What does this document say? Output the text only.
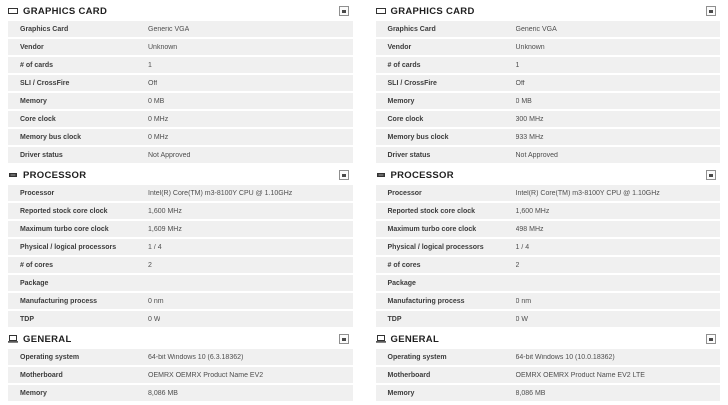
GRAPHICS CARD
Graphics Card	Generic VGA
Vendor	Unknown
# of cards	1
SLI / CrossFire	Off
Memory	0 MB
Core clock	0 MHz
Memory bus clock	0 MHz
Driver status	Not Approved
PROCESSOR
Processor	Intel(R) Core(TM) m3-8100Y CPU @ 1.10GHz
Reported stock core clock	1,600 MHz
Maximum turbo core clock	1,609 MHz
Physical / logical processors	1 / 4
# of cores	2
Package
Manufacturing process	0 nm
TDP	0 W
GENERAL
Operating system	64-bit Windows 10 (6.3.18362)
Motherboard	OEMRX OEMRX Product Name EV2
Memory	8,086 MB
GRAPHICS CARD
Graphics Card	Generic VGA
Vendor	Unknown
# of cards	1
SLI / CrossFire	Off
Memory	0 MB
Core clock	300 MHz
Memory bus clock	933 MHz
Driver status	Not Approved
PROCESSOR
Processor	Intel(R) Core(TM) m3-8100Y CPU @ 1.10GHz
Reported stock core clock	1,600 MHz
Maximum turbo core clock	498 MHz
Physical / logical processors	1 / 4
# of cores	2
Package
Manufacturing process	0 nm
TDP	0 W
GENERAL
Operating system	64-bit Windows 10 (10.0.18362)
Motherboard	OEMRX OEMRX Product Name EV2 LTE
Memory	8,086 MB
